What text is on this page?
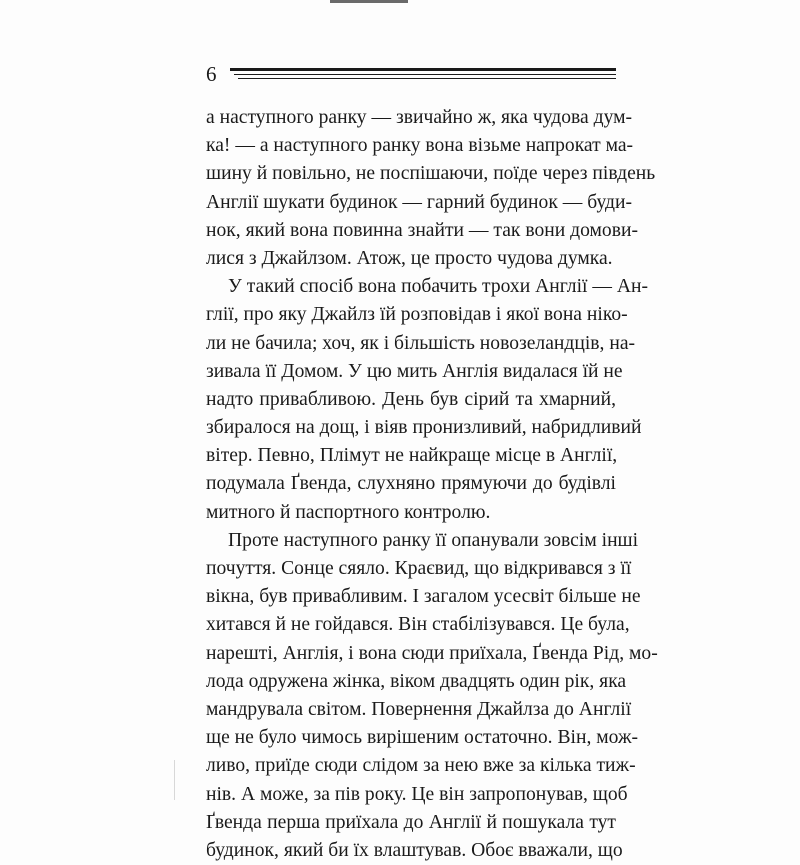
6
а наступного ранку — звичайно ж, яка чудова дум-
ка! — а наступного ранку вона візьме напрокат ма-
шину й повільно, не поспішаючи, поїде через південь
Англії шукати будинок — гарний будинок — буди-
нок, який вона повинна знайти — так вони домови-
лися з Джайлзом. Атож, це просто чудова думка.
У такий спосіб вона побачить трохи Англії — Ан-
глії, про яку Джайлз їй розповідав і якої вона ніко-
ли не бачила; хоч, як і більшість новозеландців, на-
зивала її Домом. У цю мить Англія видалася їй не
надто привабливою. День був сірий та хмарний,
збиралося на дощ, і віяв пронизливий, набридливий
вітер. Певно, Плімут не найкраще місце в Англії,
подумала Ґвенда, слухняно прямуючи до будівлі
митного й паспортного контролю.
Проте наступного ранку її опанували зовсім інші
почуття. Сонце сяяло. Краєвид, що відкривався з її
вікна, був привабливим. І загалом усесвіт більше не
хитався й не гойдався. Він стабілізувався. Це була,
нарешті, Англія, і вона сюди приїхала, Ґвенда Рід, мо-
лода одружена жінка, віком двадцять один рік, яка
мандрувала світом. Повернення Джайлза до Англії
ще не було чимось вирішеним остаточно. Він, мож-
ливо, приїде сюди слідом за нею вже за кілька тиж-
нів. А може, за пів року. Це він запропонував, щоб
Ґвенда перша приїхала до Англії й пошукала тут
будинок, який би їх влаштував. Обоє вважали, що
